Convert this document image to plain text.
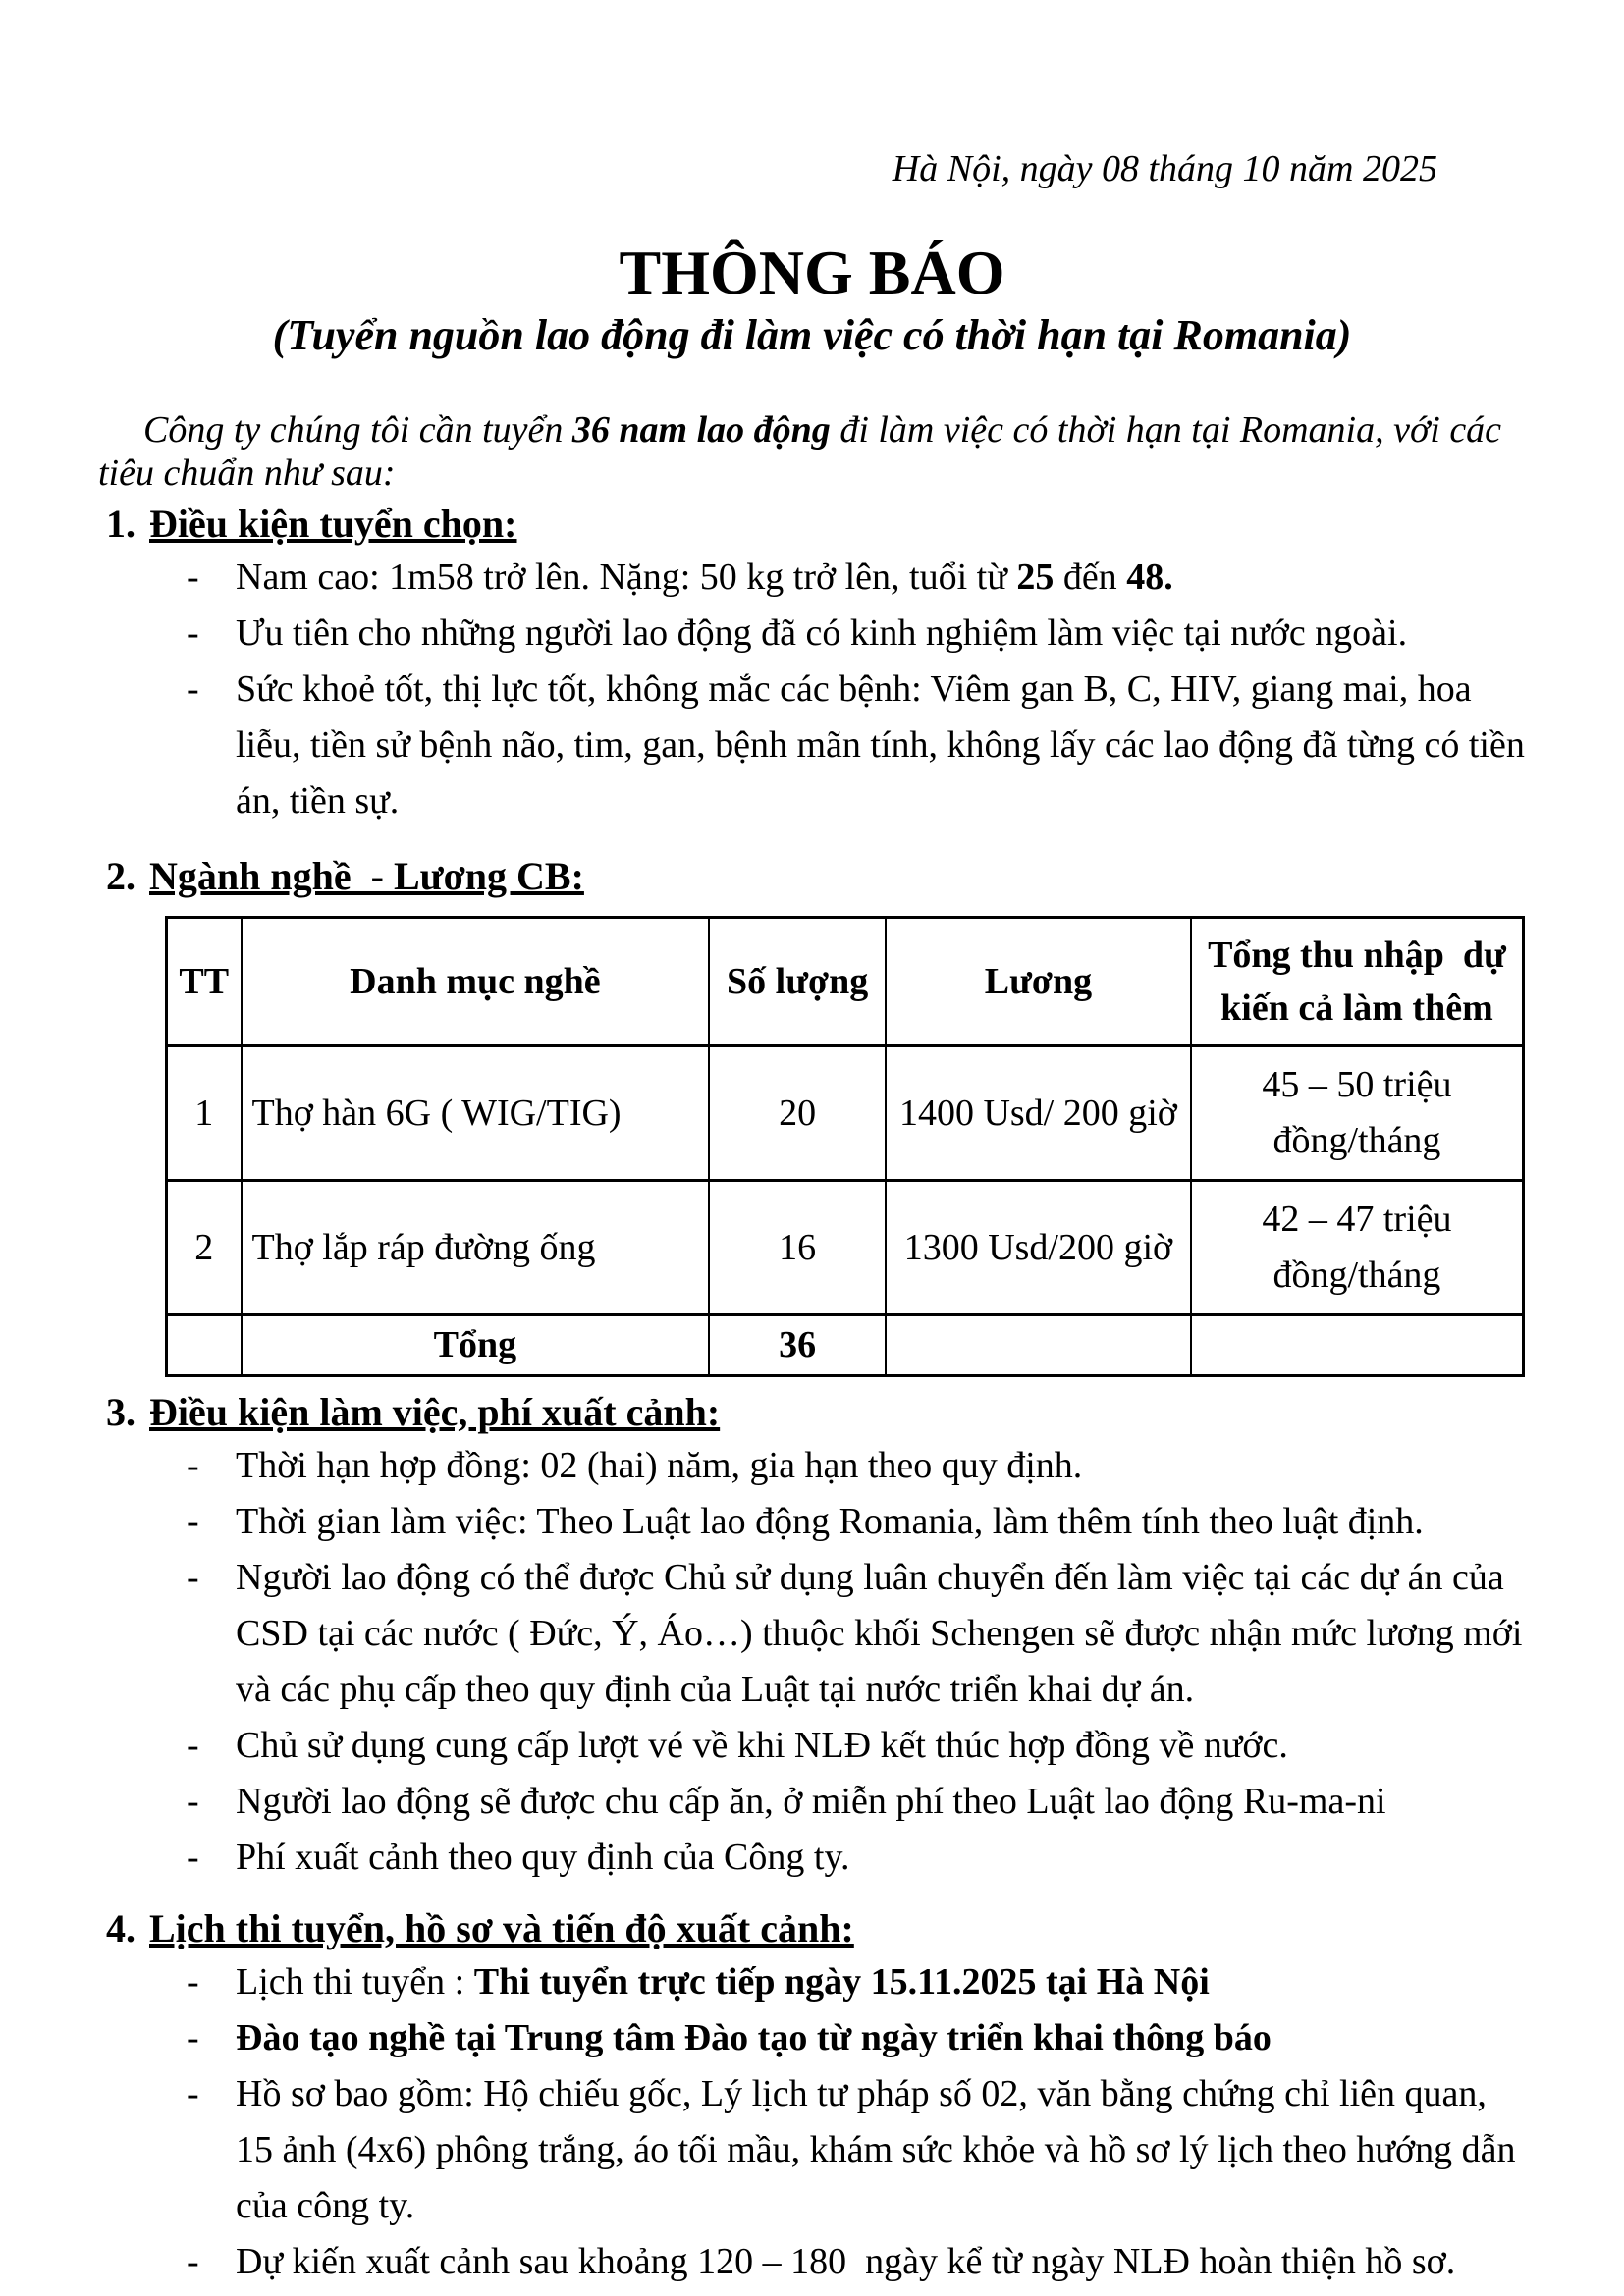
Hà Nội, ngày 08 tháng 10 năm 2025
THÔNG BÁO
(Tuyển nguồn lao động đi làm việc có thời hạn tại Romania)

Công ty chúng tôi cần tuyển 36 nam lao động đi làm việc có thời hạn tại Romania, với các tiêu chuẩn như sau:

1. Điều kiện tuyển chọn:
- Nam cao: 1m58 trở lên. Nặng: 50 kg trở lên, tuổi từ 25 đến 48.
- Ưu tiên cho những người lao động đã có kinh nghiệm làm việc tại nước ngoài.
- Sức khoẻ tốt, thị lực tốt, không mắc các bệnh: Viêm gan B, C, HIV, giang mai, hoa liễu, tiền sử bệnh não, tim, gan, bệnh mãn tính, không lấy các lao động đã từng có tiền án, tiền sự.
2. Ngành nghề  - Lương CB:
TT	Danh mục nghề	Số lượng	Lương	Tổng thu nhập  dự kiến cả làm thêm
1	Thợ hàn 6G ( WIG/TIG)	20	1400 Usd/ 200 giờ	45 – 50 triệu đồng/tháng
2	Thợ lắp ráp đường ống	16	1300 Usd/200 giờ	42 – 47 triệu đồng/tháng
	Tổng	36		
3. Điều kiện làm việc, phí xuất cảnh:
- Thời hạn hợp đồng: 02 (hai) năm, gia hạn theo quy định.
- Thời gian làm việc: Theo Luật lao động Romania, làm thêm tính theo luật định.
- Người lao động có thể được Chủ sử dụng luân chuyển đến làm việc tại các dự án của CSD tại các nước ( Đức, Ý, Áo…) thuộc khối Schengen sẽ được nhận mức lương mới và các phụ cấp theo quy định của Luật tại nước triển khai dự án.
- Chủ sử dụng cung cấp lượt vé về khi NLĐ kết thúc hợp đồng về nước.
- Người lao động sẽ được chu cấp ăn, ở miễn phí theo Luật lao động Ru-ma-ni
- Phí xuất cảnh theo quy định của Công ty.
4. Lịch thi tuyển, hồ sơ và tiến độ xuất cảnh:
- Lịch thi tuyển : Thi tuyển trực tiếp ngày 15.11.2025 tại Hà Nội
- Đào tạo nghề tại Trung tâm Đào tạo từ ngày triển khai thông báo
- Hồ sơ bao gồm: Hộ chiếu gốc, Lý lịch tư pháp số 02, văn bằng chứng chỉ liên quan, 15 ảnh (4x6) phông trắng, áo tối mầu, khám sức khỏe và hồ sơ lý lịch theo hướng dẫn của công ty.
- Dự kiến xuất cảnh sau khoảng 120 – 180  ngày kể từ ngày NLĐ hoàn thiện hồ sơ.
